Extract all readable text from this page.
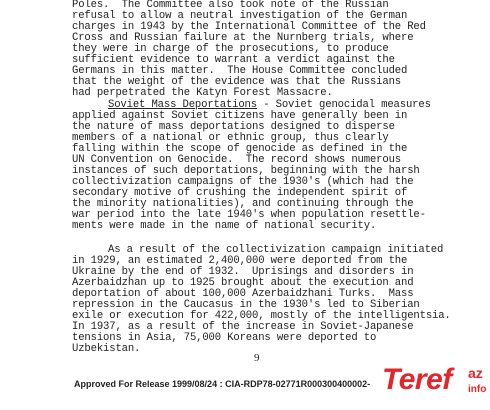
Poles.  The Committee also took note of the Russian
refusal to allow a neutral investigation of the German
charges in 1943 by the International Committee of the Red
Cross and Russian failure at the Nurnberg trials, where
they were in charge of the prosecutions, to produce
sufficient evidence to warrant a verdict against the
Germans in this matter.  The House Committee concluded
that the weight of the evidence was that the Russians
had perpetrated the Katyn Forest Massacre.
Soviet Mass Deportations - Soviet genocidal measures
applied against Soviet citizens have generally been in
the nature of mass deportations designed to disperse
members of a national or ethnic group, thus clearly
falling within the scope of genocide as defined in the
UN Convention on Genocide.  The record shows numerous
instances of such deportations, beginning with the harsh
collectivization campaigns of the 1930's (which had the
secondary motive of crushing the independent spirit of
the minority nationalities), and continuing through the
war period into the late 1940's when population resettle-
ments were made in the name of national security.
As a result of the collectivization campaign initiated
in 1929, an estimated 2,400,000 were deported from the
Ukraine by the end of 1932.  Uprisings and disorders in
Azerbaidzhan up to 1925 brought about the execution and
deportation of about 100,000 Azerbaidzhani Turks.  Mass
repression in the Caucasus in the 1930's led to Siberian
exile or execution for 422,000, mostly of the intelligentsia.
In 1937, as a result of the increase in Soviet-Japanese
tensions in Asia, 75,000 Koreans were deported to
Uzbekistan.
9
Approved For Release 1999/08/24 : CIA-RDP78-02771R000300400002- Teref az
info
